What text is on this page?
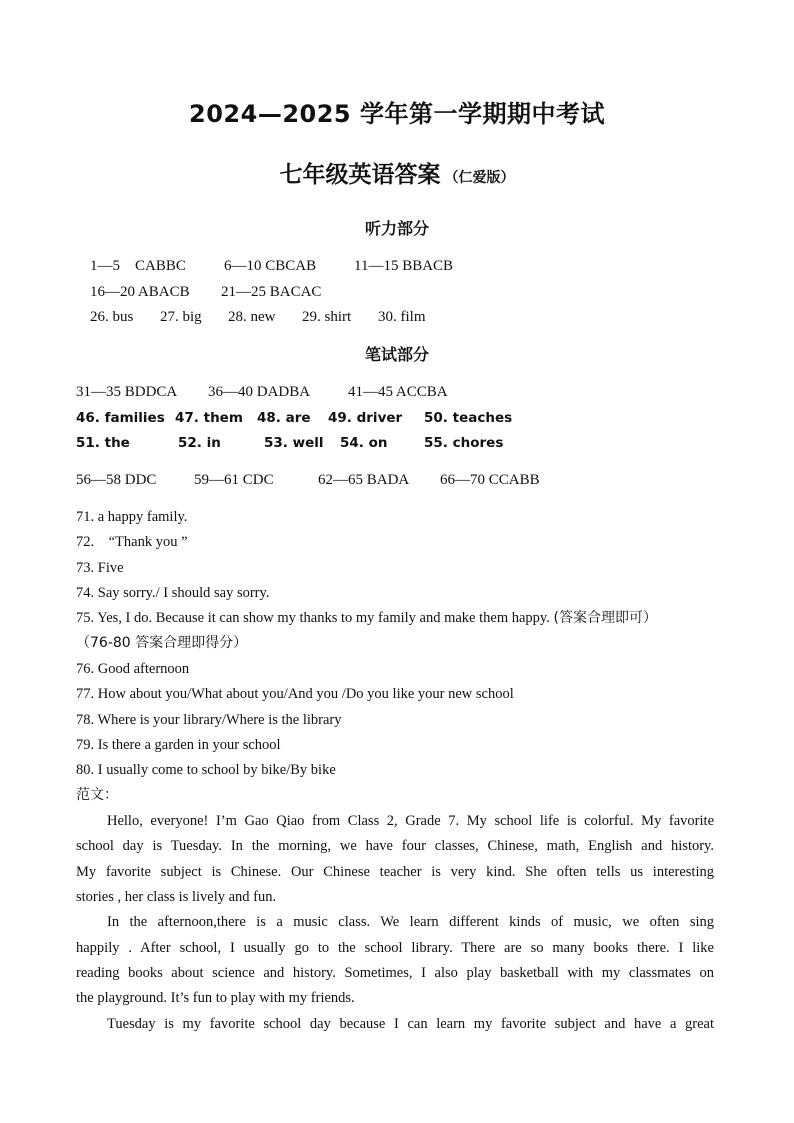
2024—2025 学年第一学期期中考试
七年级英语答案 （仁爱版）
听力部分
1—5　CABBC	6—10 CBCAB	11—15 BBACB
16—20 ABACB 21—25 BACAC
26. bus 27. big 28. new 29. shirt 30. film
笔试部分
31—35 BDDCA 36—40 DADBA	41—45 ACCBA
46. families 47. them 48. are 49. driver 50. teaches
51. the	52. in	53. well 54. on	55. chores
56—58 DDC	59—61 CDC	62—65 BADA 66—70 CCABB
71. a happy family.
72.　“Thank you ”
73. Five
74. Say sorry./ I should say sorry.
75. Yes, I do. Because it can show my thanks to my family and make them happy. (答案合理即可）
（76-80 答案合理即得分）
76. Good afternoon
77. How about you/What about you/And you /Do you like your new school
78. Where is your library/Where is the library
79. Is there a garden in your school
80. I usually come to school by bike/By bike
范文：
Hello, everyone! I’m Gao Qiao from Class 2, Grade 7. My school life is colorful. My favorite
school day is Tuesday. In the morning, we have four classes, Chinese, math, English and history.
My favorite subject is Chinese. Our Chinese teacher is very kind. She often tells us interesting
stories , her class is lively and fun.
In the afternoon,there is a music class. We learn different kinds of music, we often sing
happily . After school, I usually go to the school library. There are so many books there. I like
reading books about science and history. Sometimes, I also play basketball with my classmates on
the playground. It’s fun to play with my friends.
Tuesday is my favorite school day because I can learn my favorite subject and have a great
